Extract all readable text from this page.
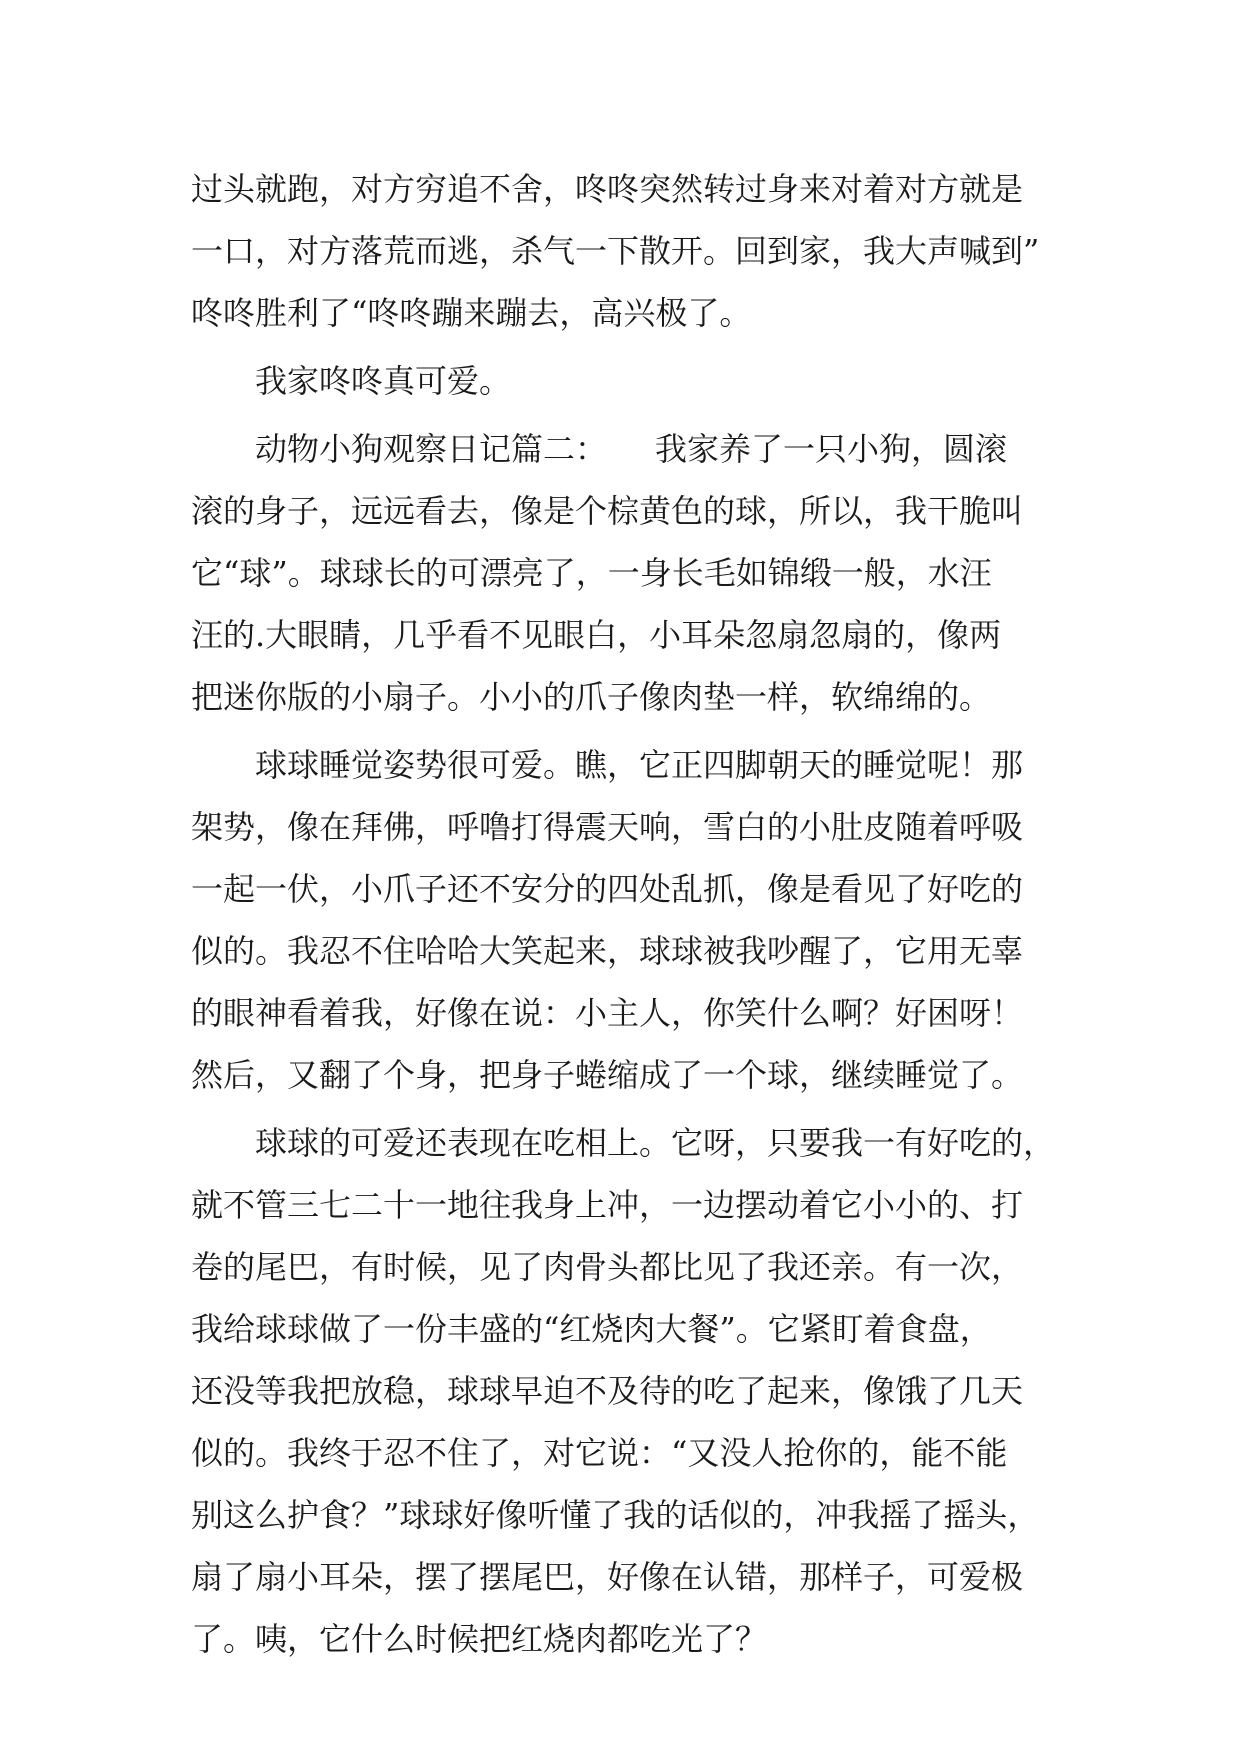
过头就跑，对方穷追不舍，咚咚突然转过身来对着对方就是
一口，对方落荒而逃，杀气一下散开。回到家，我大声喊到”
咚咚胜利了“咚咚蹦来蹦去，高兴极了。
我家咚咚真可爱。
动物小狗观察日记篇二：　　我家养了一只小狗，圆滚
滚的身子，远远看去，像是个棕黄色的球，所以，我干脆叫
它“球”。球球长的可漂亮了，一身长毛如锦缎一般，水汪
汪的.大眼睛，几乎看不见眼白，小耳朵忽扇忽扇的，像两
把迷你版的小扇子。小小的爪子像肉垫一样，软绵绵的。
球球睡觉姿势很可爱。瞧，它正四脚朝天的睡觉呢！那
架势，像在拜佛，呼噜打得震天响，雪白的小肚皮随着呼吸
一起一伏，小爪子还不安分的四处乱抓，像是看见了好吃的
似的。我忍不住哈哈大笑起来，球球被我吵醒了，它用无辜
的眼神看着我，好像在说：小主人，你笑什么啊？好困呀！
然后，又翻了个身，把身子蜷缩成了一个球，继续睡觉了。
球球的可爱还表现在吃相上。它呀，只要我一有好吃的，
就不管三七二十一地往我身上冲，一边摆动着它小小的、打
卷的尾巴，有时候，见了肉骨头都比见了我还亲。有一次，
我给球球做了一份丰盛的“红烧肉大餐”。它紧盯着食盘，
还没等我把放稳，球球早迫不及待的吃了起来，像饿了几天
似的。我终于忍不住了，对它说：“又没人抢你的，能不能
别这么护食？”球球好像听懂了我的话似的，冲我摇了摇头，
扇了扇小耳朵，摆了摆尾巴，好像在认错，那样子，可爱极
了。咦，它什么时候把红烧肉都吃光了？
